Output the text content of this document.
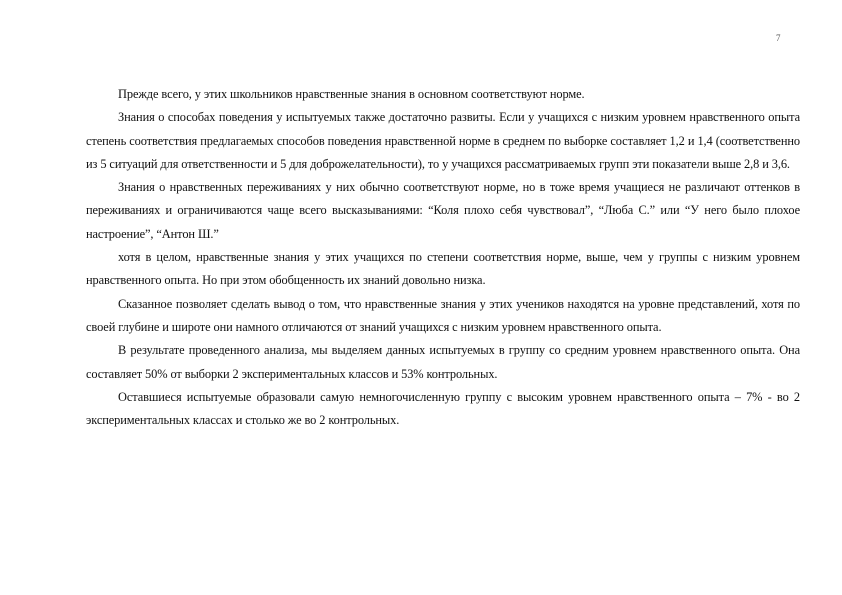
7

Прежде всего, у этих школьников нравственные знания в основном соответствуют норме.

Знания о способах поведения у испытуемых также достаточно развиты. Если у учащихся с низким уровнем нравственного опыта степень соответствия предлагаемых способов поведения нравственной норме в среднем по выборке составляет 1,2 и 1,4 (соответственно из 5 ситуаций для ответственности и 5 для доброжелательности), то у учащихся рассматриваемых групп эти показатели выше 2,8 и 3,6.

Знания о нравственных переживаниях у них обычно соответствуют норме, но в тоже время учащиеся не различают оттенков в переживаниях и ограничиваются чаще всего высказываниями: “Коля плохо себя чувствовал”, “Люба С.” или “У него было плохое настроение”, “Антон Ш.”

хотя в целом, нравственные знания у этих учащихся по степени соответствия норме, выше, чем у группы с низким уровнем нравственного опыта. Но при этом обобщенность их знаний довольно низка.

Сказанное позволяет сделать вывод о том, что нравственные знания у этих учеников находятся на уровне представлений, хотя по своей глубине и широте они намного отличаются от знаний учащихся с низким уровнем нравственного опыта.

В результате проведенного анализа, мы выделяем данных испытуемых в группу со средним уровнем нравственного опыта. Она составляет 50% от выборки 2 экспериментальных классов и 53% контрольных.

Оставшиеся испытуемые образовали самую немногочисленную группу с высоким уровнем нравственного опыта – 7% - во 2 экспериментальных классах и столько же во 2 контрольных.
